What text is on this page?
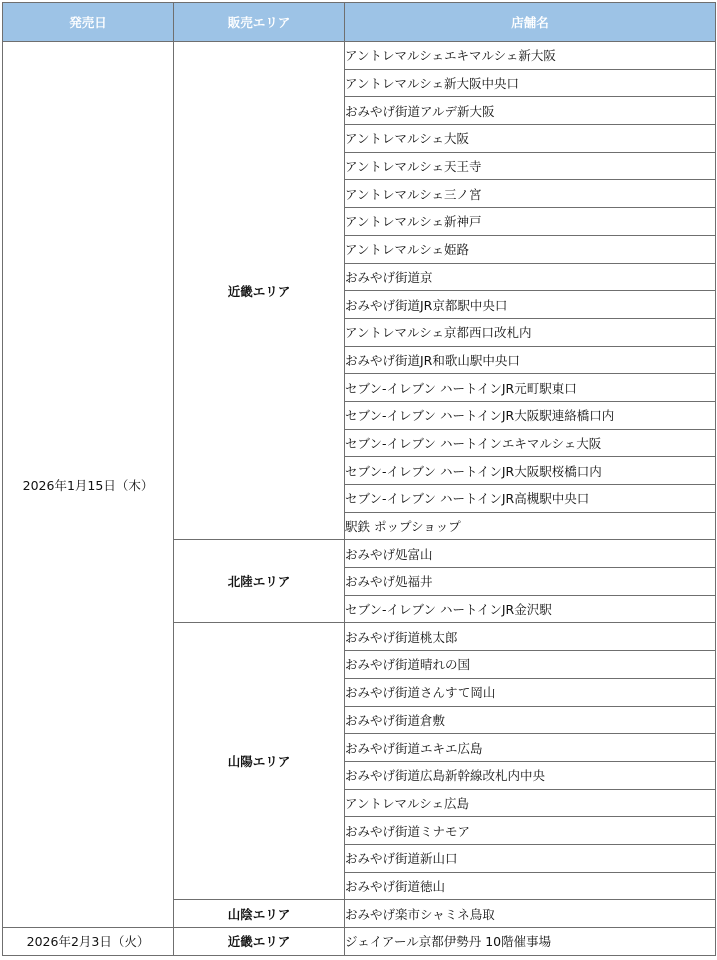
発売日	販売エリア	店舗名
2026年1月15日（木）	近畿エリア	アントレマルシェエキマルシェ新大阪
		アントレマルシェ新大阪中央口
		おみやげ街道アルデ新大阪
		アントレマルシェ大阪
		アントレマルシェ天王寺
		アントレマルシェ三ノ宮
		アントレマルシェ新神戸
		アントレマルシェ姫路
		おみやげ街道京
		おみやげ街道JR京都駅中央口
		アントレマルシェ京都西口改札内
		おみやげ街道JR和歌山駅中央口
		セブン-イレブン ハートインJR元町駅東口
		セブン-イレブン ハートインJR大阪駅連絡橋口内
		セブン-イレブン ハートインエキマルシェ大阪
		セブン-イレブン ハートインJR大阪駅桜橋口内
		セブン-イレブン ハートインJR高槻駅中央口
		駅鉄 ポップショップ
	北陸エリア	おみやげ処富山
		おみやげ処福井
		セブン-イレブン ハートインJR金沢駅
	山陽エリア	おみやげ街道桃太郎
		おみやげ街道晴れの国
		おみやげ街道さんすて岡山
		おみやげ街道倉敷
		おみやげ街道エキエ広島
		おみやげ街道広島新幹線改札内中央
		アントレマルシェ広島
		おみやげ街道ミナモア
		おみやげ街道新山口
		おみやげ街道徳山
	山陰エリア	おみやげ楽市シャミネ鳥取
2026年2月3日（火）	近畿エリア	ジェイアール京都伊勢丹 10階催事場
